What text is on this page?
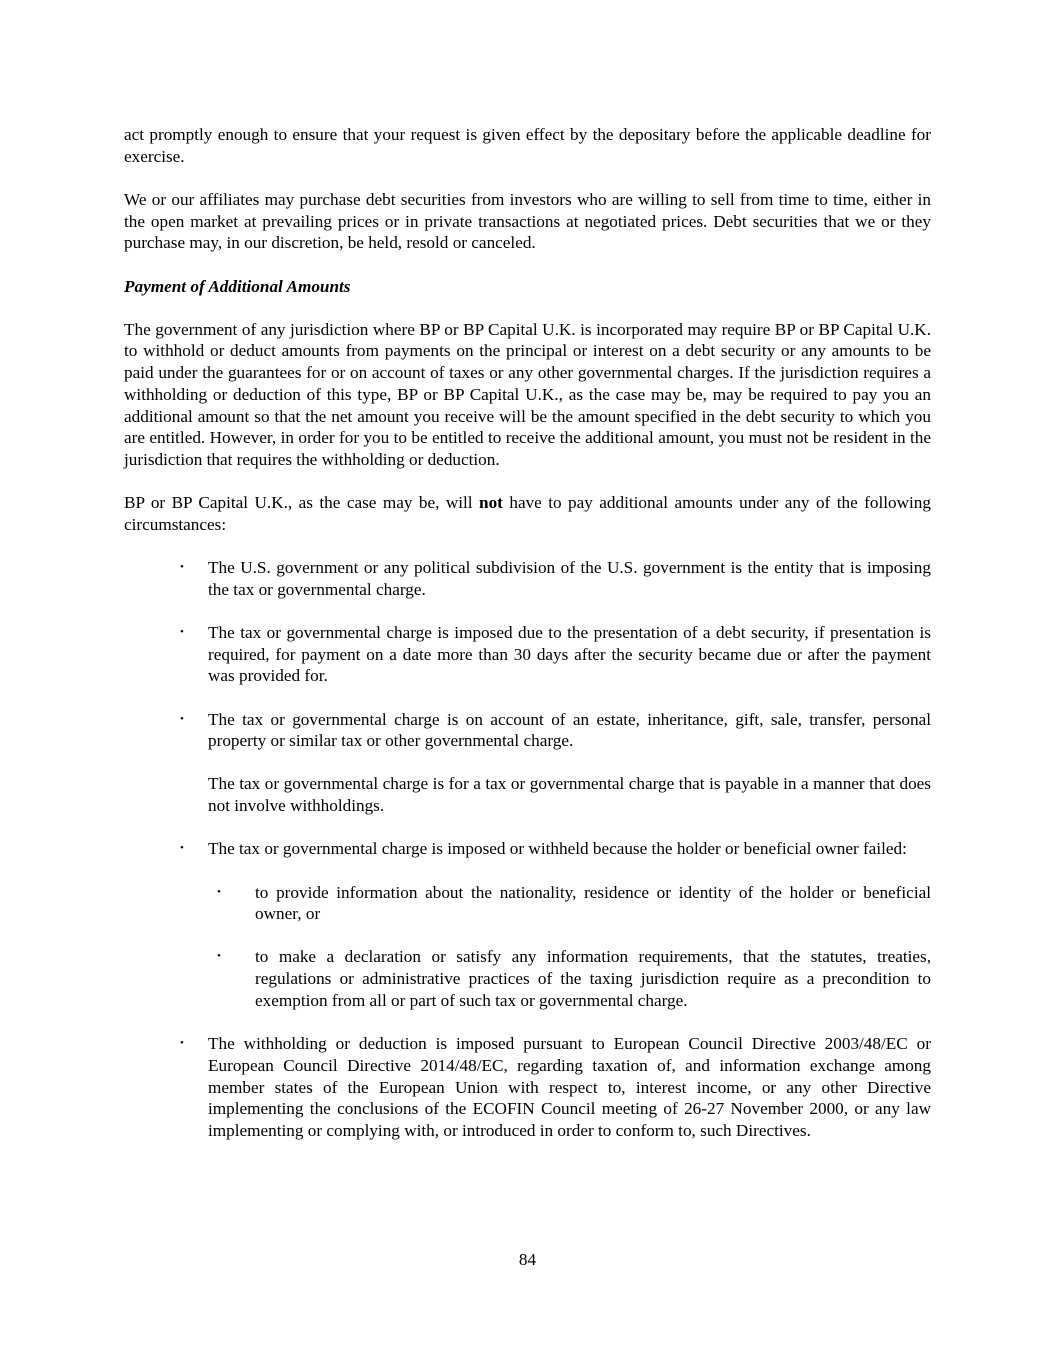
act promptly enough to ensure that your request is given effect by the depositary before the applicable deadline for exercise.

We or our affiliates may purchase debt securities from investors who are willing to sell from time to time, either in the open market at prevailing prices or in private transactions at negotiated prices. Debt securities that we or they purchase may, in our discretion, be held, resold or canceled.

Payment of Additional Amounts

The government of any jurisdiction where BP or BP Capital U.K. is incorporated may require BP or BP Capital U.K. to withhold or deduct amounts from payments on the principal or interest on a debt security or any amounts to be paid under the guarantees for or on account of taxes or any other governmental charges. If the jurisdiction requires a withholding or deduction of this type, BP or BP Capital U.K., as the case may be, may be required to pay you an additional amount so that the net amount you receive will be the amount specified in the debt security to which you are entitled. However, in order for you to be entitled to receive the additional amount, you must not be resident in the jurisdiction that requires the withholding or deduction.

BP or BP Capital U.K., as the case may be, will not have to pay additional amounts under any of the following circumstances:

• The U.S. government or any political subdivision of the U.S. government is the entity that is imposing the tax or governmental charge.
• The tax or governmental charge is imposed due to the presentation of a debt security, if presentation is required, for payment on a date more than 30 days after the security became due or after the payment was provided for.
• The tax or governmental charge is on account of an estate, inheritance, gift, sale, transfer, personal property or similar tax or other governmental charge.
The tax or governmental charge is for a tax or governmental charge that is payable in a manner that does not involve withholdings.
• The tax or governmental charge is imposed or withheld because the holder or beneficial owner failed:
• to provide information about the nationality, residence or identity of the holder or beneficial owner, or
• to make a declaration or satisfy any information requirements, that the statutes, treaties, regulations or administrative practices of the taxing jurisdiction require as a precondition to exemption from all or part of such tax or governmental charge.
• The withholding or deduction is imposed pursuant to European Council Directive 2003/48/EC or European Council Directive 2014/48/EC, regarding taxation of, and information exchange among member states of the European Union with respect to, interest income, or any other Directive implementing the conclusions of the ECOFIN Council meeting of 26-27 November 2000, or any law implementing or complying with, or introduced in order to conform to, such Directives.
84
